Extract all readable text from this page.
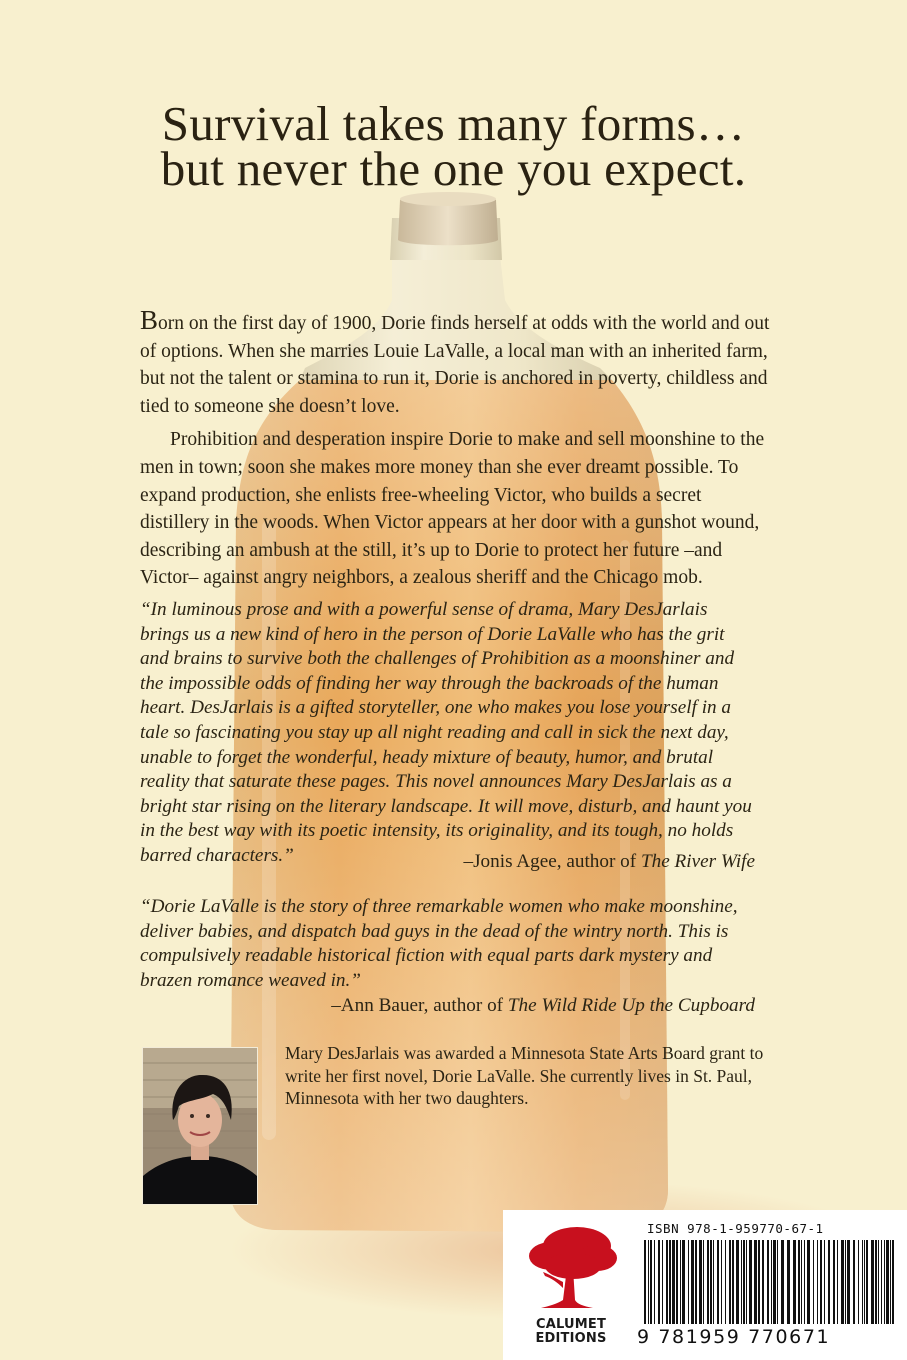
Survival takes many forms…
but never the one you expect.

Born on the first day of 1900, Dorie finds herself at odds with the world and out of options. When she marries Louie LaValle, a local man with an inherited farm, but not the talent or stamina to run it, Dorie is anchored in poverty, childless and tied to someone she doesn’t love.

Prohibition and desperation inspire Dorie to make and sell moonshine to the men in town; soon she makes more money than she ever dreamt possible. To expand production, she enlists free-wheeling Victor, who builds a secret distillery in the woods. When Victor appears at her door with a gunshot wound, describing an ambush at the still, it’s up to Dorie to protect her future –and Victor– against angry neighbors, a zealous sheriff and the Chicago mob.

“In luminous prose and with a powerful sense of drama, Mary DesJarlais brings us a new kind of hero in the person of Dorie LaValle who has the grit and brains to survive both the challenges of Prohibition as a moonshiner and the impossible odds of finding her way through the backroads of the human heart. DesJarlais is a gifted storyteller, one who makes you lose yourself in a tale so fascinating you stay up all night reading and call in sick the next day, unable to forget the wonderful, heady mixture of beauty, humor, and brutal reality that saturate these pages. This novel announces Mary DesJarlais as a bright star rising on the literary landscape. It will move, disturb, and haunt you in the best way with its poetic intensity, its originality, and its tough, no holds barred characters.”	–Jonis Agee, author of The River Wife
“Dorie LaValle is the story of three remarkable women who make moonshine, deliver babies, and dispatch bad guys in the dead of the wintry north. This is compulsively readable historical fiction with equal parts dark mystery and brazen romance weaved in.”
–Ann Bauer, author of The Wild Ride Up the Cupboard
Mary DesJarlais was awarded a Minnesota State Arts Board grant to write her first novel, Dorie LaValle. She currently lives in St. Paul, Minnesota with her two daughters.
CALUMET
EDITIONS
ISBN 978-1-959770-67-1
9 781959 770671
